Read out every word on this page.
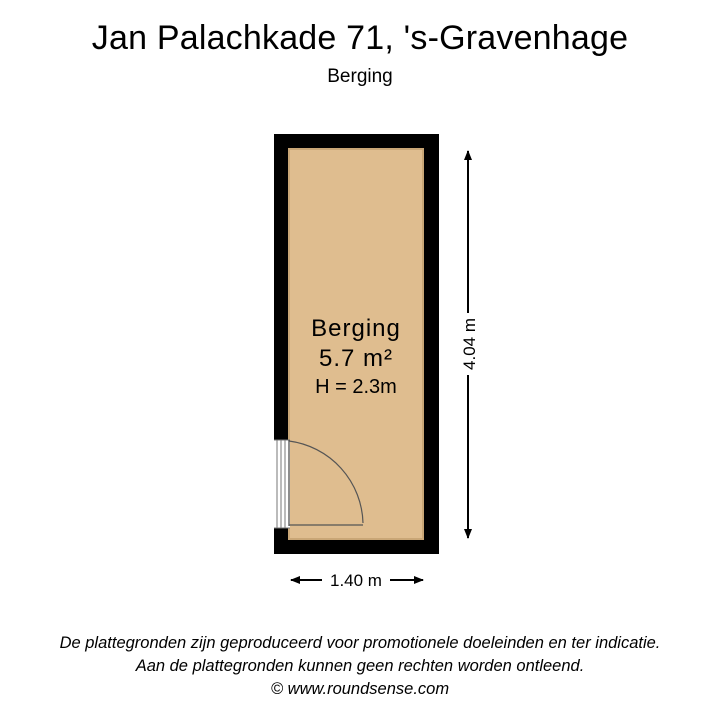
Jan Palachkade 71, 's-Gravenhage
Berging
Berging
5.7 m²
H = 2.3m
4.04 m
1.40 m
De plattegronden zijn geproduceerd voor promotionele doeleinden en ter indicatie.
Aan de plattegronden kunnen geen rechten worden ontleend.
© www.roundsense.com
